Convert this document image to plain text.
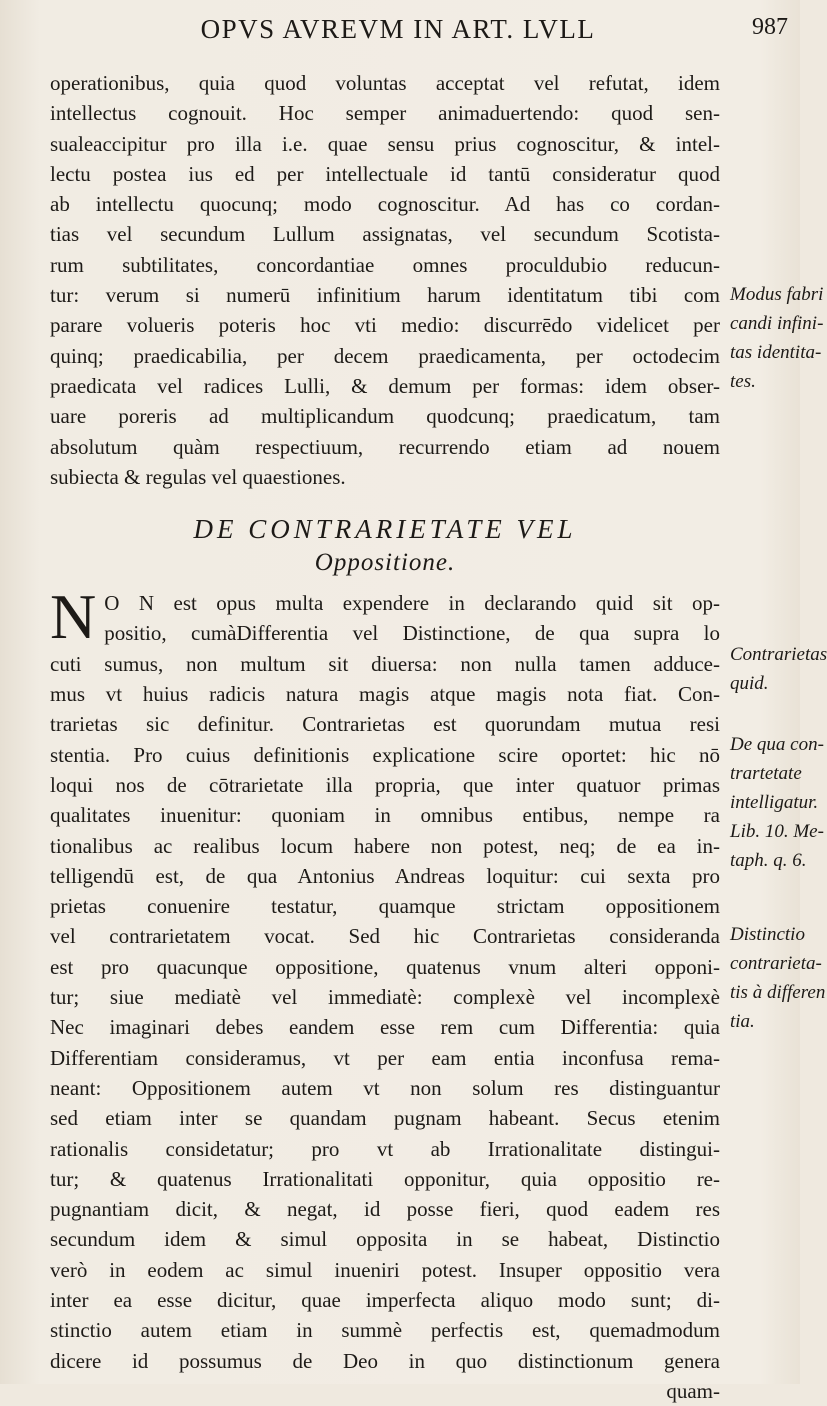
OPVS AVREVM IN ART. LVLL	987
operationibus, quia quod voluntas acceptat vel refutat, idem
intellectus cognouit. Hoc semper animaduertendo: quod sen-
sualeaccipitur pro illa i.e. quae sensu prius cognoscitur, & intel-
lectu postea ius ed per intellectuale id tantū consideratur quod
ab intellectu quocunq; modo cognoscitur. Ad has co cordan-
tias vel secundum Lullum assignatas, vel secundum Scotista-
rum subtilitates, concordantiae omnes proculdubio reducun-
tur: verum si numerū infinitium harum identitatum tibi com
parare volueris poteris hoc vti medio: discurrēdo videlicet per
quinq; praedicabilia, per decem praedicamenta, per octodecim
praedicata vel radices Lulli, & demum per formas: idem obser-
uare poreris ad multiplicandum quodcunq; praedicatum, tam
absolutum quàm respectiuum, recurrendo etiam ad nouem
subiecta & regulas vel quaestiones.
DE CONTRARIETATE VEL
Oppositione.
N O N est opus multa expendere in declarando quid sit op-
positio, cumàDifferentia vel Distinctione, de qua supra lo
cuti sumus, non multum sit diuersa: non nulla tamen adduce-
mus vt huius radicis natura magis atque magis nota fiat. Con-
trarietas sic definitur. Contrarietas est quorundam mutua resi
stentia. Pro cuius definitionis explicatione scire oportet: hic nō
loqui nos de cōtrarietate illa propria, que inter quatuor primas
qualitates inuenitur: quoniam in omnibus entibus, nempe ra
tionalibus ac realibus locum habere non potest, neq; de ea in-
telligendū est, de qua Antonius Andreas loquitur: cui sexta pro
prietas conuenire testatur, quamque strictam oppositionem
vel contrarietatem vocat. Sed hic Contrarietas consideranda
est pro quacunque oppositione, quatenus vnum alteri opponi-
tur; siue mediatè vel immediatè: complexè vel incomplexè
Nec imaginari debes eandem esse rem cum Differentia: quia
Differentiam consideramus, vt per eam entia inconfusa rema-
neant: Oppositionem autem vt non solum res distinguantur
sed etiam inter se quandam pugnam habeant. Secus etenim
rationalis considetatur; pro vt ab Irrationalitate distingui-
tur; & quatenus Irrationalitati opponitur, quia oppositio re-
pugnantiam dicit, & negat, id posse fieri, quod eadem res
secundum idem & simul opposita in se habeat, Distinctio
verò in eodem ac simul inueniri potest. Insuper oppositio vera
inter ea esse dicitur, quae imperfecta aliquo modo sunt; di-
stinctio autem etiam in summè perfectis est, quemadmodum
dicere id possumus de Deo in quo distinctionum genera
quam-
Modus fabri
candi infini-
tas identita-
tes.
Contrarietas
quid.
De qua con-
trartetate
intelligatur.
Lib. 10. Me-
taph. q. 6.
Distinctio
contrarieta-
tis à differen
tia.
